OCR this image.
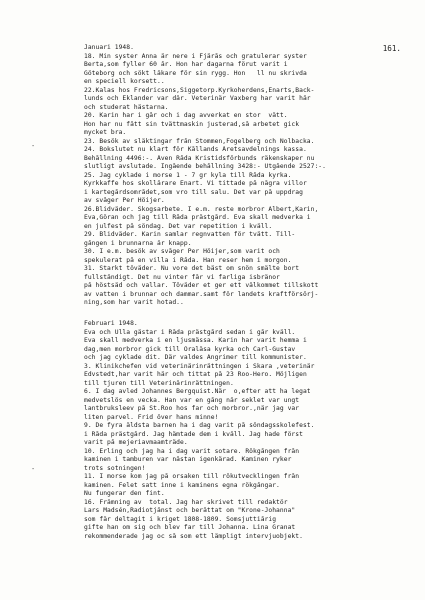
161.
-
-
Januari 1948.
18. Min syster Anna är nere i Fjärås och gratulerar syster
Berta,som fyller 60 år. Hon har dagarna förut varit i
Göteborg och sökt läkare för sin rygg. Hon   ll nu skrivda
en speciell korsett..
22.Kalas hos Fredricsons,Siggetorp.Kyrkoherdens,Enarts,Back-
lunds och Eklander var där. Veterinär Vaxberg har varit här
och studerat hästarna.
20. Karin har i går och i dag avverkat en stor  vätt.
Hon har nu fått sin tvättmaskin justerad,så arbetet gick
mycket bra.
23. Besök av släktingar från Stommen,Fogelberg och Nolbacka.
24. Bokslutet nu klart för Kållands Äretsavdelnings kassa.
Behållning 4496:-. Även Råda Kristidsförbunds räkenskaper nu
slutligt avslutade. Ingående behållning 3428:- Utgående 2527:-.
25. Jag cyklade i morse 1 - 7 gr kyla till Råda kyrka.
Kyrkkaffe hos skollärare Enart. Vi tittade på några villor
i kartegårdsområdet,som vro till salu. Det var på uppdrag
av svåger Per Höijer.
26.Blidväder. Skogsarbete. I e.m. reste morbror Albert,Karin,
Eva,Göran och jag till Råda prästgård. Eva skall medverka i
en julfest på söndag. Det var repetition i kväll.
29. Blidväder. Karin samlar regnvatten för tvätt. Till-
gången i brunnarna är knapp.
30. I e.m. besök av svåger Per Höijer,som varit och
spekulerat på en villa i Råda. Han reser hem i morgon.
31. Starkt töväder. Nu vore det bäst om snön smälte bort
fullständigt. Det nu vinter får vi farliga isbränor
på höstsäd och vallar. Töväder et ger ett välkommet tillskott
av vatten i brunnar och dammar.samt för landets kraftförsörj-
ning,som har varit hotad..
Februari 1948.
Eva och Ulla gästar i Råda prästgård sedan i går kväll.
Eva skall medverka i en ljusmässa. Karin har varit hemma i
dag,men morbror gick till Öraläsa kyrka och Carl-Gustav
och jag cyklade dit. Där valdes Angrimer till kommunister.
3. Klinikchefen vid veterinärinrättningen i Skara ,veterinär
Edvstedt,har varit här och tittat på 23 Roo-Hero. Möjligen
till tjuren till Veterinärinrättningen.
6. I dag avled Johannes Bergquist.När  o,efter att ha legat
medvetslös en vecka. Han var en gång när seklet var ungt
lantbruksleev på St.Roo hos far och morbror.,när jag var
liten parvel. Frid över hans minne!
9. De fyra äldsta barnen ha i dag varit på söndagsskolefest.
i Råda prästgård. Jag hämtade dem i kväll. Jag hade först
varit på mejeriavmaamträde.
10. Erling och jag ha i dag varit sotare. Rökgången från
kaminen i tamburen var nästan igenkärad. Kaminen ryker
trots sotningen!
11. I morse kom jag på orsaken till rökutvecklingen från
kaminen. Felet satt inne i kaminens egna rökgångar.
Nu fungerar den fint.
16. Främning av  total. Jag har skrivet till redaktör
Lars Madsén,Radiotjänst och berättat om "Krone-Johanna"
som fär deltagit i kriget 1808-1809. Somsjuttiårig
gifte han om sig och blev far till Johanna. Lina Granat
rekommenderade jag oc så som ett lämpligt intervjuobjekt.
